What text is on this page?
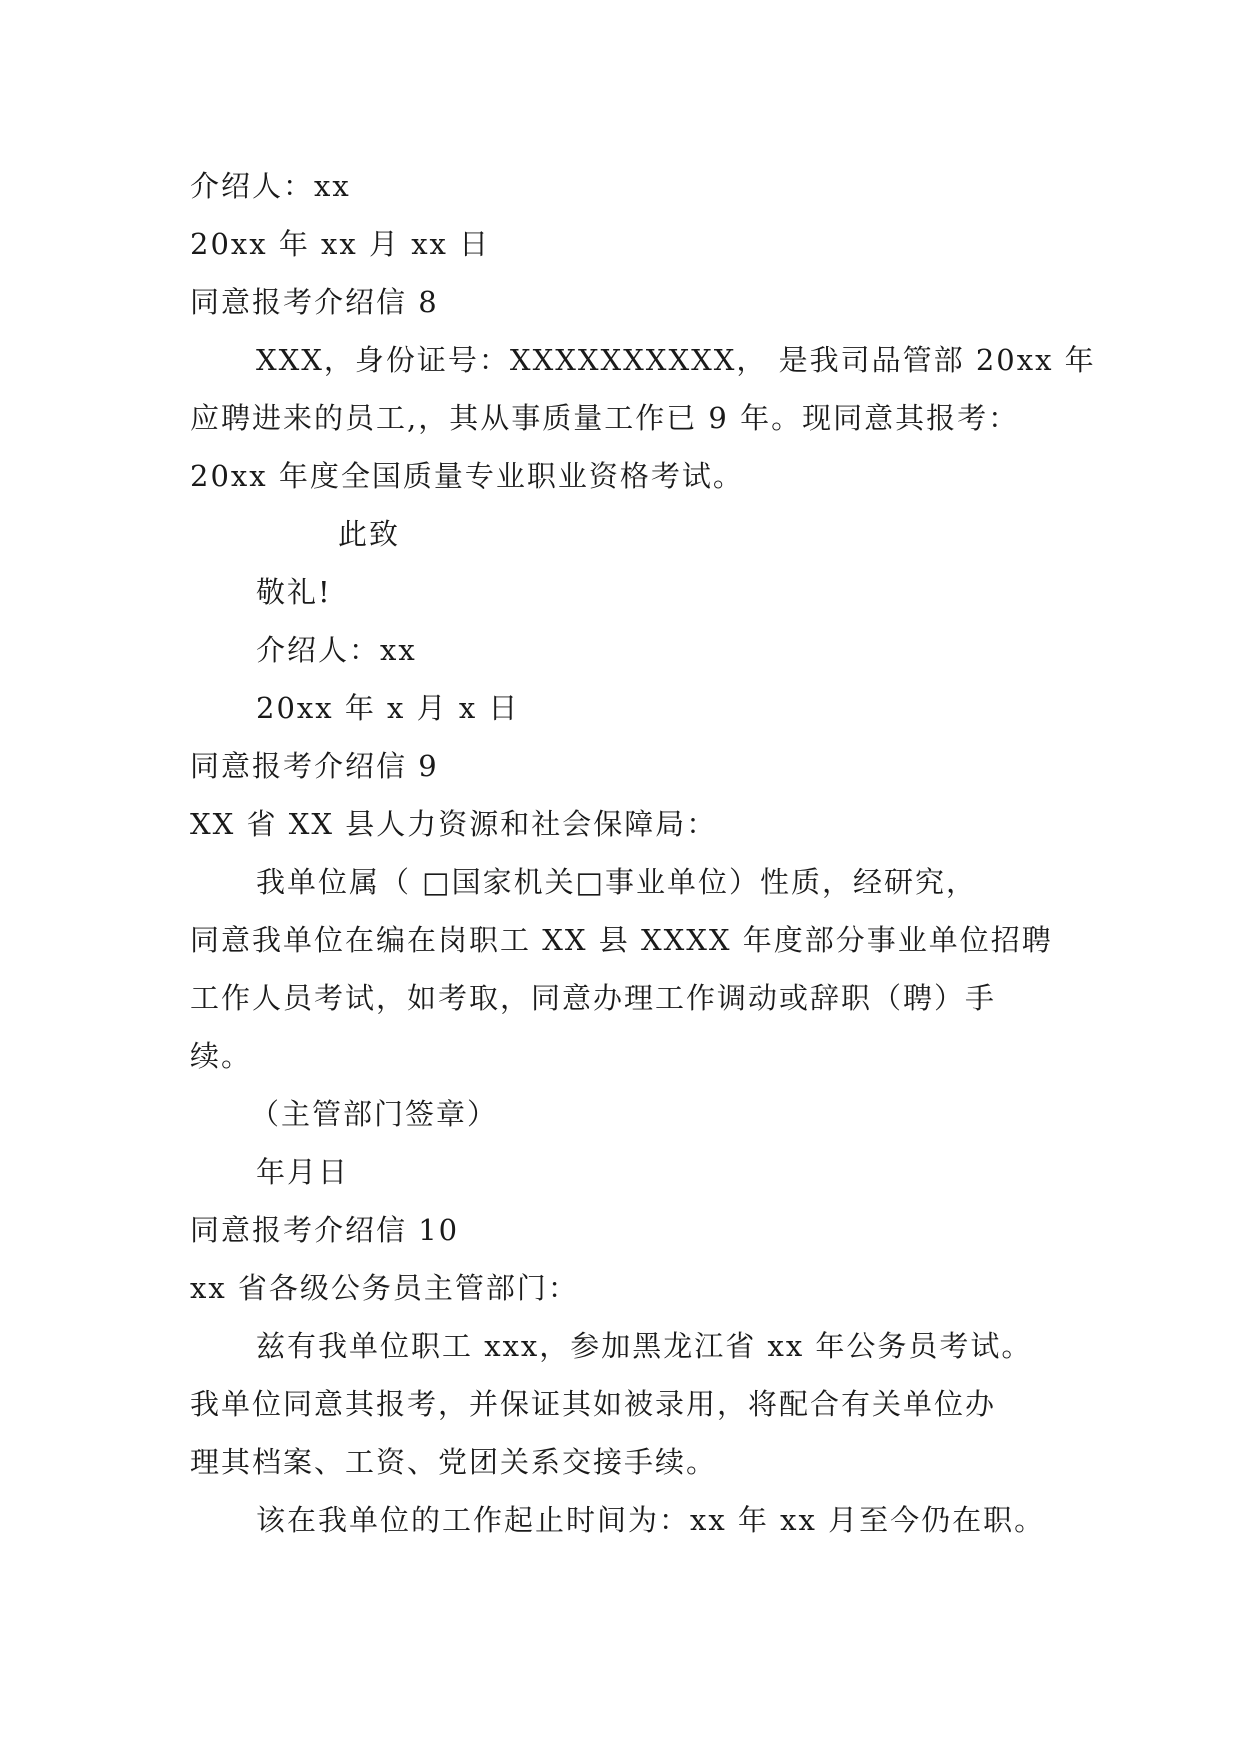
介绍人：xx
20xx 年 xx 月 xx 日
同意报考介绍信 8
XXX，身份证号：XXXXXXXXXX， 是我司品管部 20xx 年
应聘进来的员工,，其从事质量工作已 9 年。现同意其报考：
20xx 年度全国质量专业职业资格考试。
此致
敬礼!
介绍人：xx
20xx 年 x 月 x 日
同意报考介绍信 9
XX 省 XX 县人力资源和社会保障局：
我单位属（ □国家机关□事业单位）性质，经研究，
同意我单位在编在岗职工 XX 县 XXXX 年度部分事业单位招聘
工作人员考试，如考取，同意办理工作调动或辞职（聘）手
续。
（主管部门签章）
年月日
同意报考介绍信 10
xx 省各级公务员主管部门：
兹有我单位职工 xxx，参加黑龙江省 xx 年公务员考试。
我单位同意其报考，并保证其如被录用，将配合有关单位办
理其档案、工资、党团关系交接手续。
该在我单位的工作起止时间为：xx 年 xx 月至今仍在职。
